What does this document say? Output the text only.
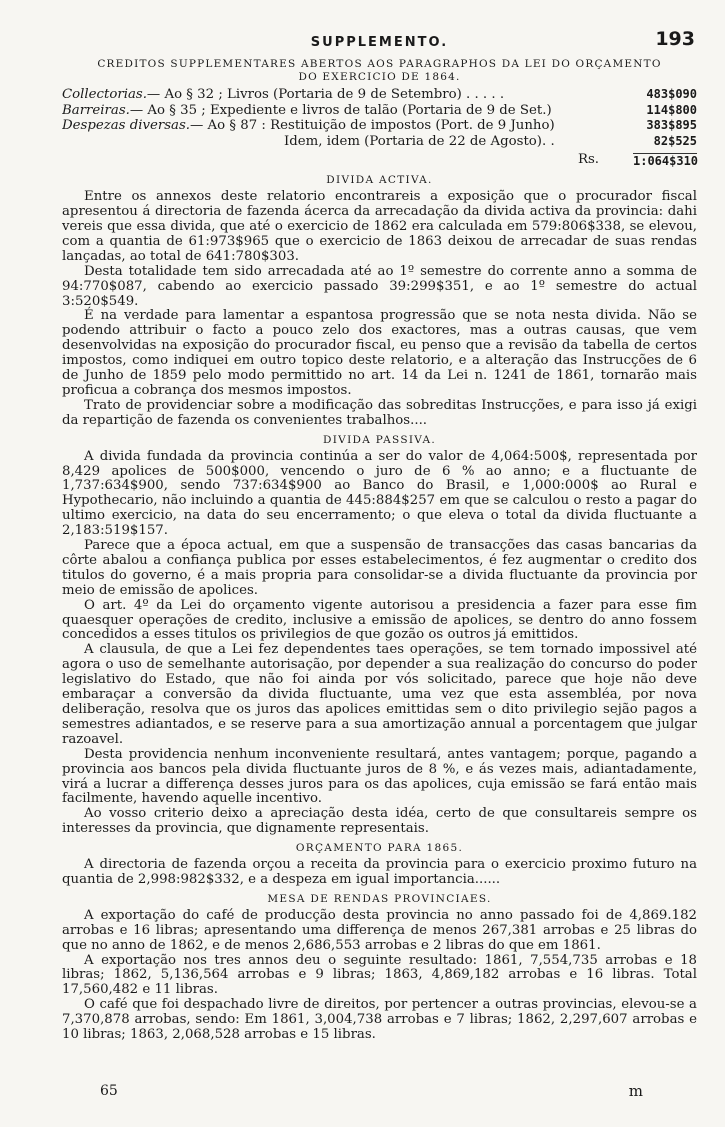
SUPPLEMENTO.	193
CREDITOS SUPPLEMENTARES ABERTOS AOS PARAGRAPHOS DA LEI DO ORÇAMENTO
DO EXERCICIO DE 1864.
Collectorias.— Ao § 32 ; Livros (Portaria de 9 de Setembro) . . . . .	483$090
Barreiras.— Ao § 35 ; Expediente e livros de talão (Portaria de 9 de Set.)	114$800
Despezas diversas.— Ao § 87 : Restituição de impostos (Port. de 9 Junho)	383$895
Idem, idem (Portaria de 22 de Agosto). .	82$525
Rs.	1:064$310
DIVIDA ACTIVA.

Entre os annexos deste relatorio encontrareis a exposição que o procurador fiscal apresentou á directoria de fazenda ácerca da arrecadação da divida activa da provincia: dahi vereis que essa divida, que até o exercicio de 1862 era calculada em 579:806$338, se elevou, com a quantia de 61:973$965 que o exercicio de 1863 deixou de arrecadar de suas rendas lançadas, ao total de 641:780$303.

Desta totalidade tem sido arrecadada até ao 1º semestre do corrente anno a somma de 94:770$087, cabendo ao exercicio passado 39:299$351, e ao 1º semestre do actual 3:520$549.

É na verdade para lamentar a espantosa progressão que se nota nesta divida. Não se podendo attribuir o facto a pouco zelo dos exactores, mas a outras causas, que vem desenvolvidas na exposição do procurador fiscal, eu penso que a revisão da tabella de certos impostos, como indiquei em outro topico deste relatorio, e a alteração das Instrucções de 6 de Junho de 1859 pelo modo permittido no art. 14 da Lei n. 1241 de 1861, tornarão mais proficua a cobrança dos mesmos impostos.

Trato de providenciar sobre a modificação das sobreditas Instrucções, e para isso já exigi da repartição de fazenda os convenientes trabalhos....

DIVIDA PASSIVA.

A divida fundada da provincia continúa a ser do valor de 4,064:500$, representada por 8,429 apolices de 500$000, vencendo o juro de 6 % ao anno; e a fluctuante de 1,737:634$900, sendo 737:634$900 ao Banco do Brasil, e 1,000:000$ ao Rural e Hypothecario, não incluindo a quantia de 445:884$257 em que se calculou o resto a pagar do ultimo exercicio, na data do seu encerramento; o que eleva o total da divida fluctuante a 2,183:519$157.

Parece que a época actual, em que a suspensão de transacções das casas bancarias da côrte abalou a confiança publica por esses estabelecimentos, é fez augmentar o credito dos titulos do governo, é a mais propria para consolidar-se a divida fluctuante da provincia por meio de emissão de apolices.

O art. 4º da Lei do orçamento vigente autorisou a presidencia a fazer para esse fim quaesquer operações de credito, inclusive a emissão de apolices, se dentro do anno fossem concedidos a esses titulos os privilegios de que gozão os outros já emittidos.

A clausula, de que a Lei fez dependentes taes operações, se tem tornado impossivel até agora o uso de semelhante autorisação, por depender a sua realização do concurso do poder legislativo do Estado, que não foi ainda por vós solicitado, parece que hoje não deve embaraçar a conversão da divida fluctuante, uma vez que esta assembléa, por nova deliberação, resolva que os juros das apolices emittidas sem o dito privilegio sejão pagos a semestres adiantados, e se reserve para a sua amortização annual a porcentagem que julgar razoavel.

Desta providencia nenhum inconveniente resultará, antes vantagem; porque, pagando a provincia aos bancos pela divida fluctuante juros de 8 %, e ás vezes mais, adiantadamente, virá a lucrar a differença desses juros para os das apolices, cuja emissão se fará então mais facilmente, havendo aquelle incentivo.

Ao vosso criterio deixo a apreciação desta idéa, certo de que consultareis sempre os interesses da provincia, que dignamente representais.

ORÇAMENTO PARA 1865.

A directoria de fazenda orçou a receita da provincia para o exercicio proximo futuro na quantia de 2,998:982$332, e a despeza em igual importancia......

MESA DE RENDAS PROVINCIAES.

A exportação do café de producção desta provincia no anno passado foi de 4,869.182 arrobas e 16 libras; apresentando uma differença de menos 267,381 arrobas e 25 libras do que no anno de 1862, e de menos 2,686,553 arrobas e 2 libras do que em 1861.

A exportação nos tres annos deu o seguinte resultado: 1861, 7,554,735 arrobas e 18 libras; 1862, 5,136,564 arrobas e 9 libras; 1863, 4,869,182 arrobas e 16 libras. Total 17,560,482 e 11 libras.

O café que foi despachado livre de direitos, por pertencer a outras provincias, elevou-se a 7,370,878 arrobas, sendo: Em 1861, 3,004,738 arrobas e 7 libras; 1862, 2,297,607 arrobas e 10 libras; 1863, 2,068,528 arrobas e 15 libras.

65	m
